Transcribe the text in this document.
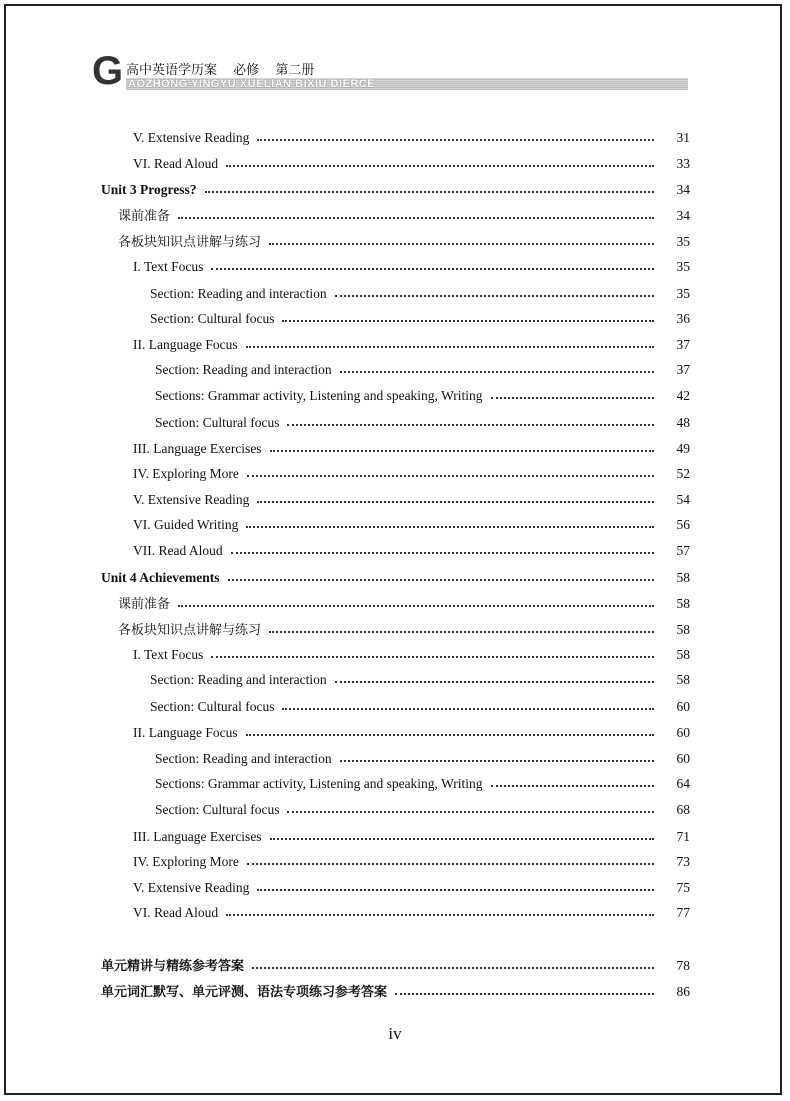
G 高中英语学历案 必修 第二册
AOZHONG YINGYU XUELIAN BIXIU DIERCE
V. Extensive Reading	31
VI. Read Aloud	33
Unit 3 Progress?	34
课前准备	34
各板块知识点讲解与练习	35
I. Text Focus	35
Section: Reading and interaction	35
Section: Cultural focus	36
II. Language Focus	37
Section: Reading and interaction	37
Sections: Grammar activity, Listening and speaking, Writing	42
Section: Cultural focus	48
III. Language Exercises	49
IV. Exploring More	52
V. Extensive Reading	54
VI. Guided Writing	56
VII. Read Aloud	57
Unit 4 Achievements	58
课前准备	58
各板块知识点讲解与练习	58
I. Text Focus	58
Section: Reading and interaction	58
Section: Cultural focus	60
II. Language Focus	60
Section: Reading and interaction	60
Sections: Grammar activity, Listening and speaking, Writing	64
Section: Cultural focus	68
III. Language Exercises	71
IV. Exploring More	73
V. Extensive Reading	75
VI. Read Aloud	77
单元精讲与精练参考答案	78
单元词汇默写、单元评测、语法专项练习参考答案	86
iv
